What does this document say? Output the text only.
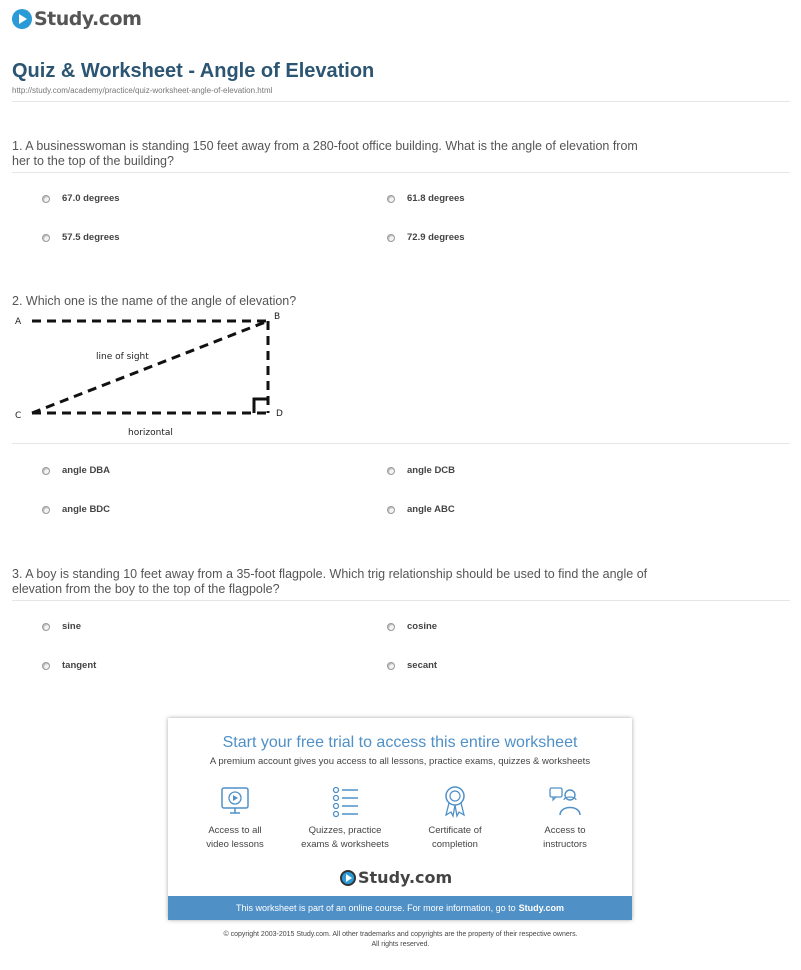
Study.com
Quiz & Worksheet - Angle of Elevation
http://study.com/academy/practice/quiz-worksheet-angle-of-elevation.html
1. A businesswoman is standing 150 feet away from a 280-foot office building. What is the angle of elevation from her to the top of the building?
67.0 degrees	61.8 degrees
57.5 degrees	72.9 degrees
2. Which one is the name of the angle of elevation?
A	B
C	D
line of sight
horizontal
angle DBA	angle DCB
angle BDC	angle ABC
3. A boy is standing 10 feet away from a 35-foot flagpole. Which trig relationship should be used to find the angle of elevation from the boy to the top of the flagpole?
sine	cosine
tangent	secant
Start your free trial to access this entire worksheet
A premium account gives you access to all lessons, practice exams, quizzes & worksheets
Access to all
video lessons
Quizzes, practice
exams & worksheets
Certificate of
completion
Access to
instructors
Study.com
This worksheet is part of an online course. For more information, go to Study.com
© copyright 2003-2015 Study.com. All other trademarks and copyrights are the property of their respective owners.
All rights reserved.
